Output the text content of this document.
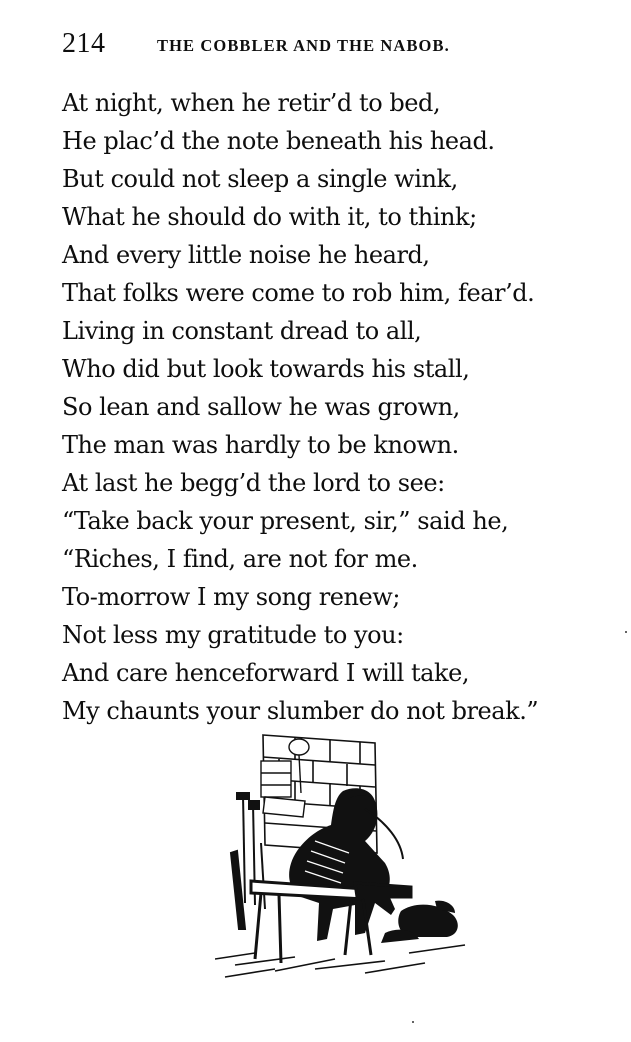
214	THE COBBLER AND THE NABOB.
At night, when he retir’d to bed,
He plac’d the note beneath his head.
But could not sleep a single wink,
What he should do with it, to think;
And every little noise he heard,
That folks were come to rob him, fear’d.
Living in constant dread to all,
Who did but look towards his stall,
So lean and sallow he was grown,
The man was hardly to be known.
At last he begg’d the lord to see:
“Take back your present, sir,” said he,
“Riches, I find, are not for me.
To-morrow I my song renew;
Not less my gratitude to you:
And care henceforward I will take,
My chaunts your slumber do not break.”
